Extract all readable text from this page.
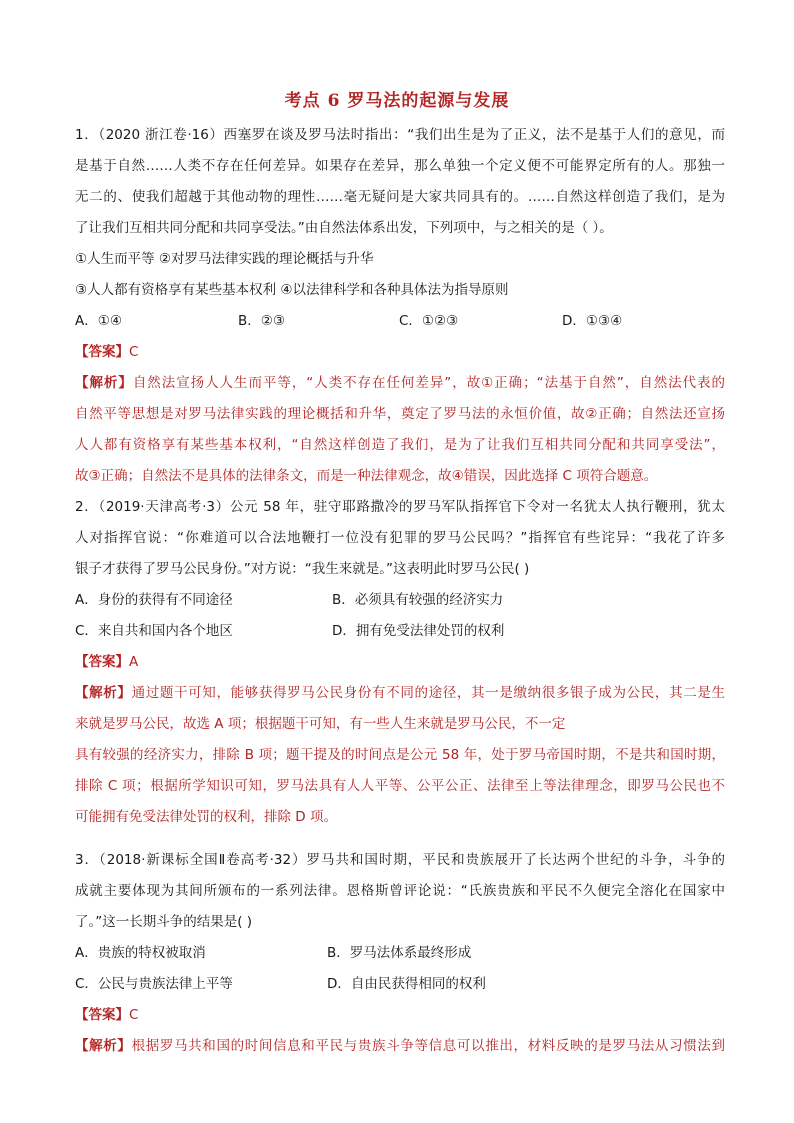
考点 6 罗马法的起源与发展
1．（2020 浙江卷·16）西塞罗在谈及罗马法时指出：“我们出生是为了正义，法不是基于人们的意见，而
是基于自然……人类不存在任何差异。如果存在差异，那么单独一个定义便不可能界定所有的人。那独一
无二的、使我们超越于其他动物的理性……毫无疑问是大家共同具有的。……自然这样创造了我们，是为
了让我们互相共同分配和共同享受法。”由自然法体系出发，下列项中，与之相关的是（ ）。
①人生而平等 ②对罗马法律实践的理论概括与升华
③人人都有资格享有某些基本权利 ④以法律科学和各种具体法为指导原则
A．①④	B．②③	C．①②③	D．①③④
【答案】C
【解析】自然法宣扬人人生而平等，“人类不存在任何差异”，故①正确；“法基于自然”，自然法代表的
自然平等思想是对罗马法律实践的理论概括和升华，奠定了罗马法的永恒价值，故②正确；自然法还宣扬
人人都有资格享有某些基本权利，“自然这样创造了我们，是为了让我们互相共同分配和共同享受法”，
故③正确；自然法不是具体的法律条文，而是一种法律观念，故④错误，因此选择 C 项符合题意。
2．（2019·天津高考·3）公元 58 年，驻守耶路撒冷的罗马军队指挥官下令对一名犹太人执行鞭刑，犹太
人对指挥官说：“你难道可以合法地鞭打一位没有犯罪的罗马公民吗？”指挥官有些诧异：“我花了许多
银子才获得了罗马公民身份。”对方说：“我生来就是。”这表明此时罗马公民( )
A．身份的获得有不同途径	B．必须具有较强的经济实力
C．来自共和国内各个地区	D．拥有免受法律处罚的权利
【答案】A
【解析】通过题干可知，能够获得罗马公民身份有不同的途径，其一是缴纳很多银子成为公民，其二是生
来就是罗马公民，故选 A 项；根据题干可知，有一些人生来就是罗马公民，不一定
具有较强的经济实力，排除 B 项；题干提及的时间点是公元 58 年，处于罗马帝国时期，不是共和国时期，
排除 C 项；根据所学知识可知，罗马法具有人人平等、公平公正、法律至上等法律理念，即罗马公民也不
可能拥有免受法律处罚的权利，排除 D 项。
3．（2018·新课标全国Ⅱ卷高考·32）罗马共和国时期，平民和贵族展开了长达两个世纪的斗争，斗争的
成就主要体现为其间所颁布的一系列法律。恩格斯曾评论说：“氏族贵族和平民不久便完全溶化在国家中
了。”这一长期斗争的结果是( )
A．贵族的特权被取消	B．罗马法体系最终形成
C．公民与贵族法律上平等	D．自由民获得相同的权利
【答案】C
【解析】根据罗马共和国的时间信息和平民与贵族斗争等信息可以推出，材料反映的是罗马法从习惯法到
